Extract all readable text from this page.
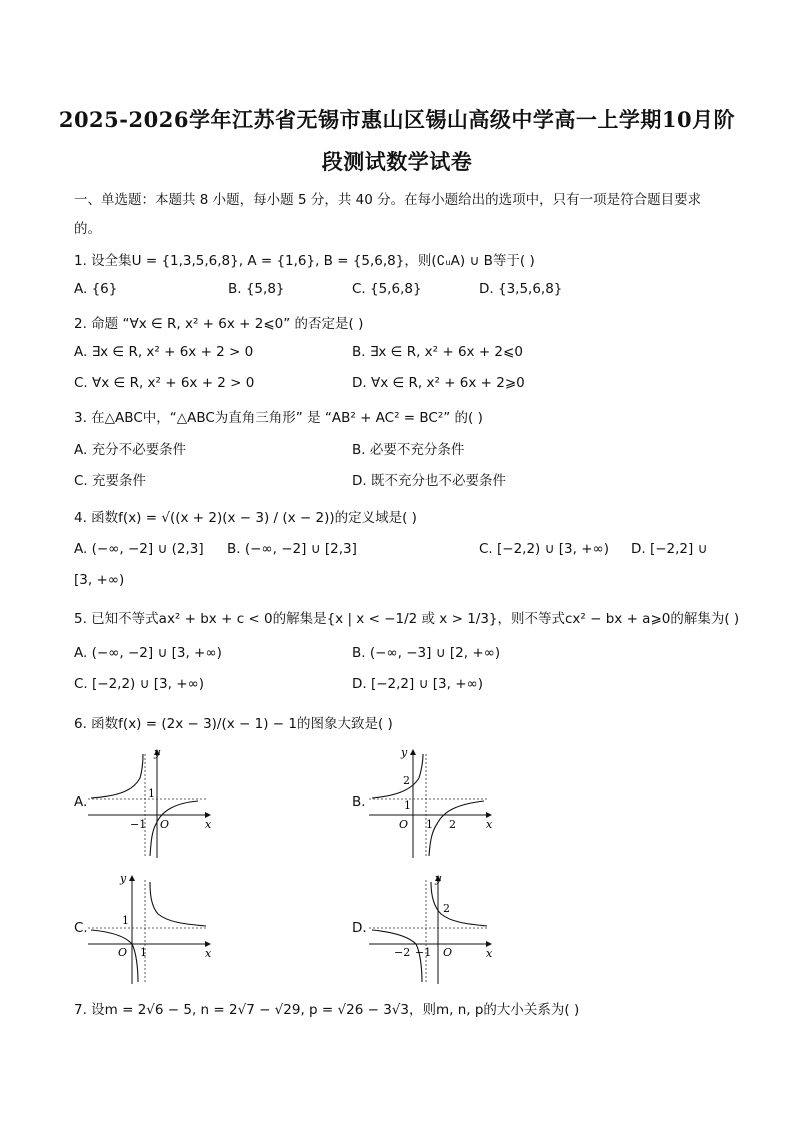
2025-2026学年江苏省无锡市惠山区锡山高级中学高一上学期10月阶
段测试数学试卷
一、单选题：本题共 8 小题，每小题 5 分，共 40 分。在每小题给出的选项中，只有一项是符合题目要求
的。
1. 设全集U = {1,3,5,6,8}, A = {1,6}, B = {5,6,8}，则(∁ᵤA) ∪ B等于( )
A. {6}	B. {5,8}	C. {5,6,8}	D. {3,5,6,8}
2. 命题 “∀x ∈ R, x² + 6x + 2⩽0” 的否定是( )
A. ∃x ∈ R, x² + 6x + 2 > 0	B. ∃x ∈ R, x² + 6x + 2⩽0
C. ∀x ∈ R, x² + 6x + 2 > 0	D. ∀x ∈ R, x² + 6x + 2⩾0
3. 在△ABC中，“△ABC为直角三角形” 是 “AB² + AC² = BC²” 的( )
A. 充分不必要条件	B. 必要不充分条件
C. 充要条件	D. 既不充分也不必要条件
4. 函数f(x) = √((x + 2)(x − 3) / (x − 2))的定义域是( )
A. (−∞, −2] ∪ (2,3] B. (−∞, −2] ∪ [2,3]	C. [−2,2) ∪ [3, +∞) D. [−2,2] ∪
[3, +∞)
5. 已知不等式ax² + bx + c < 0的解集是{x | x < −1/2 或 x > 1/3}，则不等式cx² − bx + a⩾0的解集为( )
A. (−∞, −2] ∪ [3, +∞)	B. (−∞, −3] ∪ [2, +∞)
C. [−2,2) ∪ [3, +∞)	D. [−2,2] ∪ [3, +∞)
6. 函数f(x) = (2x − 3)/(x − 1) − 1的图象大致是( )
A.	B.
C.	D.
y
x
O
1
−1
y
x
O
2
1
1 2
y
x
O
1
1
y
x
O
2
−2 −1
7. 设m = 2√6 − 5, n = 2√7 − √29, p = √26 − 3√3，则m, n, p的大小关系为( )
